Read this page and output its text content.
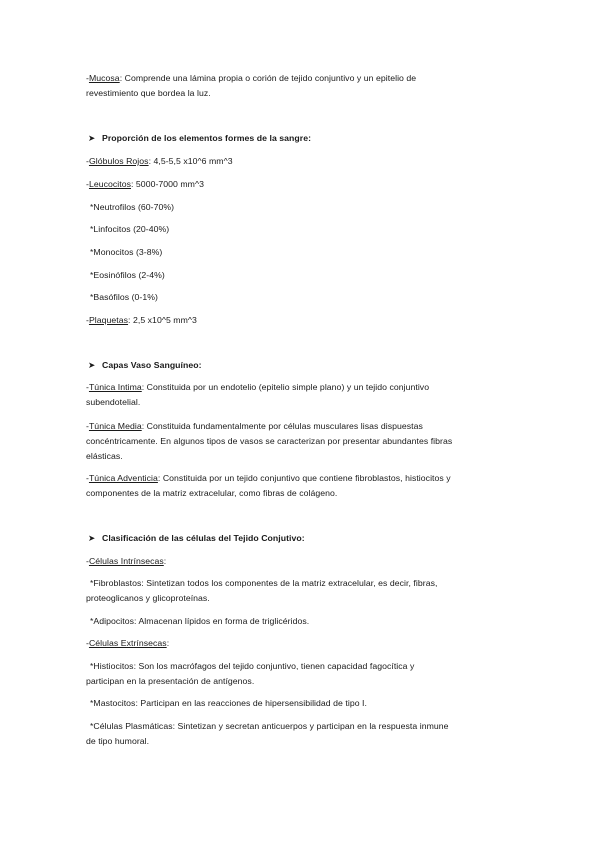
-Mucosa: Comprende una lámina propia o corión de tejido conjuntivo y un epitelio de
revestimiento que bordea la luz.
➤ Proporción de los elementos formes de la sangre:
-Glóbulos Rojos: 4,5-5,5 x10^6 mm^3
-Leucocitos: 5000-7000 mm^3
*Neutrofilos (60-70%)
*Linfocitos (20-40%)
*Monocitos (3-8%)
*Eosinófilos (2-4%)
*Basófilos (0-1%)
-Plaquetas: 2,5 x10^5 mm^3
➤ Capas Vaso Sanguíneo:
-Túnica Intima: Constituida por un endotelio (epitelio simple plano) y un tejido conjuntivo
subendotelial.
-Túnica Media: Constituida fundamentalmente por células musculares lisas dispuestas
concéntricamente. En algunos tipos de vasos se caracterizan por presentar abundantes fibras
elásticas.
-Túnica Adventicia: Constituida por un tejido conjuntivo que contiene fibroblastos, histiocitos y
componentes de la matriz extracelular, como fibras de colágeno.
➤ Clasificación de las células del Tejido Conjutivo:
-Células Intrínsecas:
*Fibroblastos: Sintetizan todos los componentes de la matriz extracelular, es decir, fibras,
proteoglicanos y glicoproteínas.
*Adipocitos: Almacenan lípidos en forma de triglicéridos.
-Células Extrínsecas:
*Histiocitos: Son los macrófagos del tejido conjuntivo, tienen capacidad fagocítica y
participan en la presentación de antígenos.
*Mastocitos: Participan en las reacciones de hipersensibilidad de tipo I.
*Células Plasmáticas: Sintetizan y secretan anticuerpos y participan en la respuesta inmune
de tipo humoral.
